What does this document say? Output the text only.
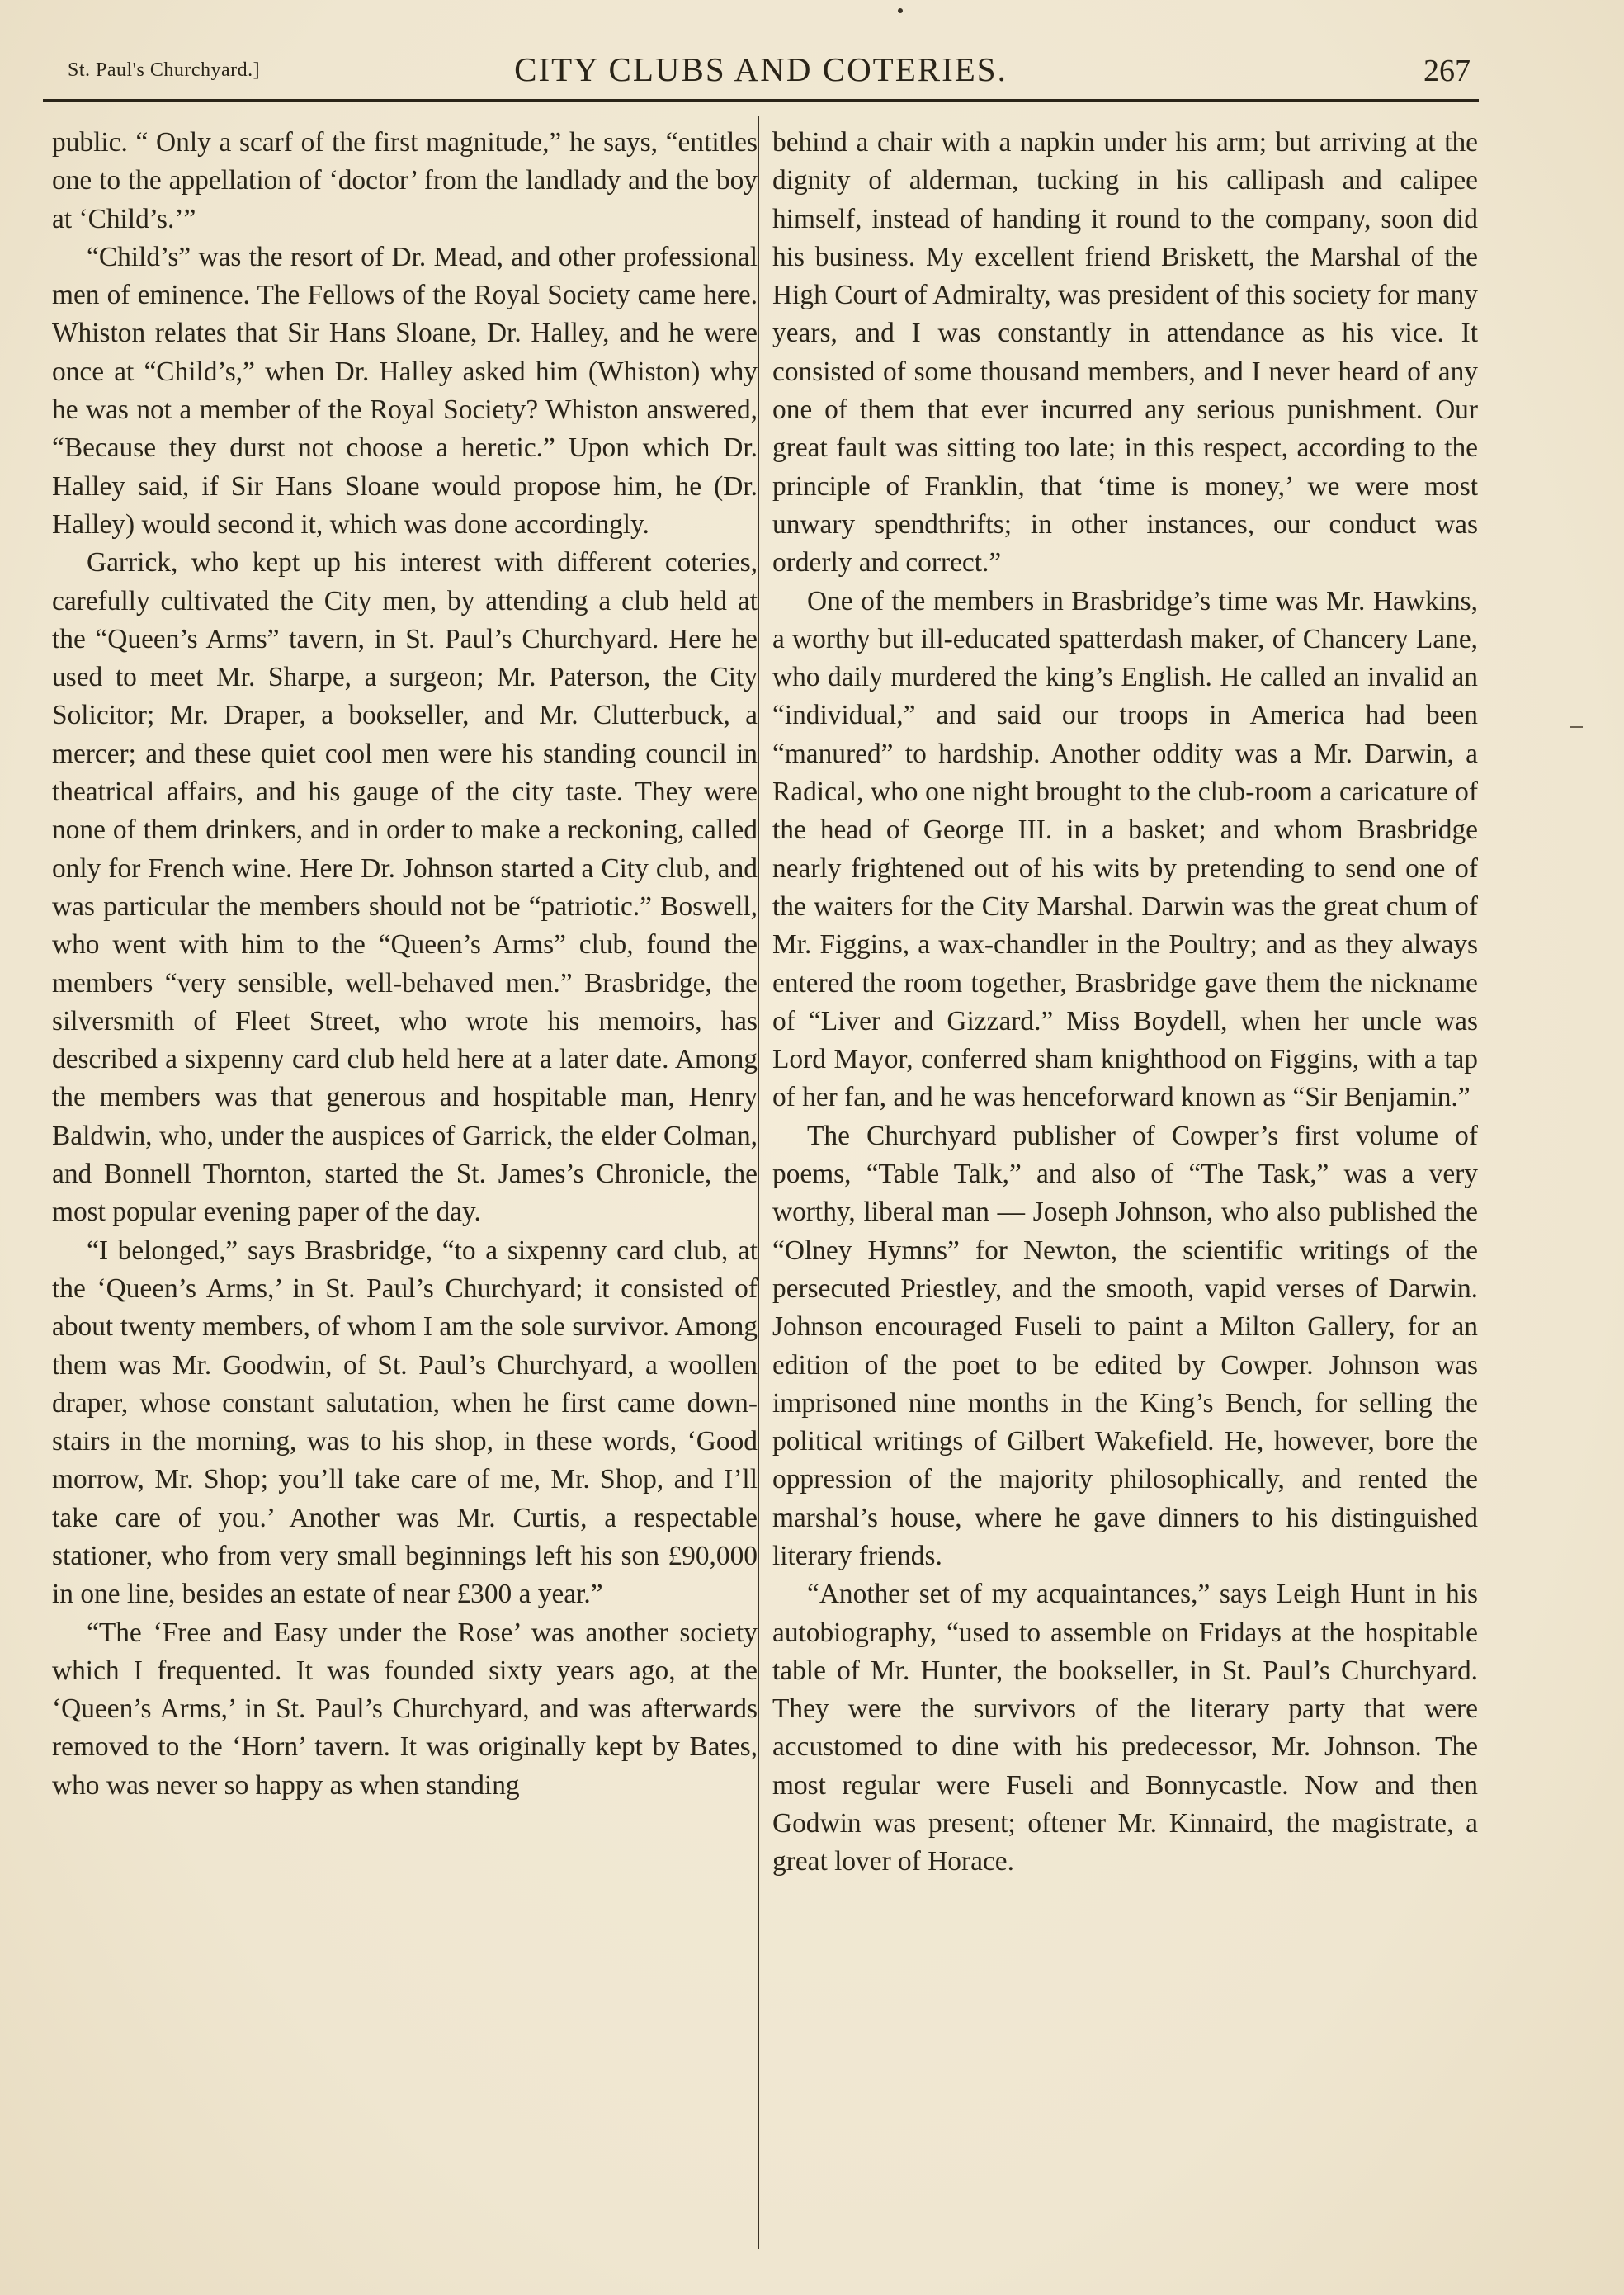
St. Paul's Churchyard.]	CITY CLUBS AND COTERIES.	267

public. “ Only a scarf of the first magnitude,” he says, “entitles one to the appellation of ‘doctor’ from the landlady and the boy at ‘Child’s.’”

“Child’s” was the resort of Dr. Mead, and other professional men of eminence. The Fellows of the Royal Society came here. Whiston relates that Sir Hans Sloane, Dr. Halley, and he were once at “Child’s,” when Dr. Halley asked him (Whiston) why he was not a member of the Royal Society? Whiston answered, “Because they durst not choose a heretic.” Upon which Dr. Halley said, if Sir Hans Sloane would propose him, he (Dr. Halley) would second it, which was done accordingly.

Garrick, who kept up his interest with different coteries, carefully cultivated the City men, by attending a club held at the “Queen’s Arms” tavern, in St. Paul’s Churchyard. Here he used to meet Mr. Sharpe, a surgeon; Mr. Paterson, the City Solicitor; Mr. Draper, a bookseller, and Mr. Clutterbuck, a mercer; and these quiet cool men were his standing council in theatrical affairs, and his gauge of the city taste. They were none of them drinkers, and in order to make a reckoning, called only for French wine. Here Dr. Johnson started a City club, and was particular the members should not be “patriotic.” Boswell, who went with him to the “Queen’s Arms” club, found the members “very sensible, well-behaved men.” Brasbridge, the silversmith of Fleet Street, who wrote his memoirs, has described a sixpenny card club held here at a later date. Among the members was that generous and hospitable man, Henry Baldwin, who, under the auspices of Garrick, the elder Colman, and Bonnell Thornton, started the St. James’s Chronicle, the most popular evening paper of the day.

“I belonged,” says Brasbridge, “to a sixpenny card club, at the ‘Queen’s Arms,’ in St. Paul’s Churchyard; it consisted of about twenty members, of whom I am the sole survivor. Among them was Mr. Goodwin, of St. Paul’s Churchyard, a woollen draper, whose constant salutation, when he first came down-stairs in the morning, was to his shop, in these words, ‘Good morrow, Mr. Shop; you’ll take care of me, Mr. Shop, and I’ll take care of you.’ Another was Mr. Curtis, a respectable stationer, who from very small beginnings left his son £90,000 in one line, besides an estate of near £300 a year.”

“The ‘Free and Easy under the Rose’ was another society which I frequented. It was founded sixty years ago, at the ‘Queen’s Arms,’ in St. Paul’s Churchyard, and was afterwards removed to the ‘Horn’ tavern. It was originally kept by Bates, who was never so happy as when standing

behind a chair with a napkin under his arm; but arriving at the dignity of alderman, tucking in his callipash and calipee himself, instead of handing it round to the company, soon did his business. My excellent friend Briskett, the Marshal of the High Court of Admiralty, was president of this society for many years, and I was constantly in attendance as his vice. It consisted of some thousand members, and I never heard of any one of them that ever incurred any serious punishment. Our great fault was sitting too late; in this respect, according to the principle of Franklin, that ‘time is money,’ we were most unwary spendthrifts; in other instances, our conduct was orderly and correct.”

One of the members in Brasbridge’s time was Mr. Hawkins, a worthy but ill-educated spatterdash maker, of Chancery Lane, who daily murdered the king’s English. He called an invalid an “individual,” and said our troops in America had been “manured” to hardship. Another oddity was a Mr. Darwin, a Radical, who one night brought to the club-room a caricature of the head of George III. in a basket; and whom Brasbridge nearly frightened out of his wits by pretending to send one of the waiters for the City Marshal. Darwin was the great chum of Mr. Figgins, a wax-chandler in the Poultry; and as they always entered the room together, Brasbridge gave them the nickname of “Liver and Gizzard.” Miss Boydell, when her uncle was Lord Mayor, conferred sham knighthood on Figgins, with a tap of her fan, and he was henceforward known as “Sir Benjamin.”

The Churchyard publisher of Cowper’s first volume of poems, “Table Talk,” and also of “The Task,” was a very worthy, liberal man — Joseph Johnson, who also published the “Olney Hymns” for Newton, the scientific writings of the persecuted Priestley, and the smooth, vapid verses of Darwin. Johnson encouraged Fuseli to paint a Milton Gallery, for an edition of the poet to be edited by Cowper. Johnson was imprisoned nine months in the King’s Bench, for selling the political writings of Gilbert Wakefield. He, however, bore the oppression of the majority philosophically, and rented the marshal’s house, where he gave dinners to his distinguished literary friends.

“Another set of my acquaintances,” says Leigh Hunt in his autobiography, “used to assemble on Fridays at the hospitable table of Mr. Hunter, the bookseller, in St. Paul’s Churchyard. They were the survivors of the literary party that were accustomed to dine with his predecessor, Mr. Johnson. The most regular were Fuseli and Bonnycastle. Now and then Godwin was present; oftener Mr. Kinnaird, the magistrate, a great lover of Horace.
